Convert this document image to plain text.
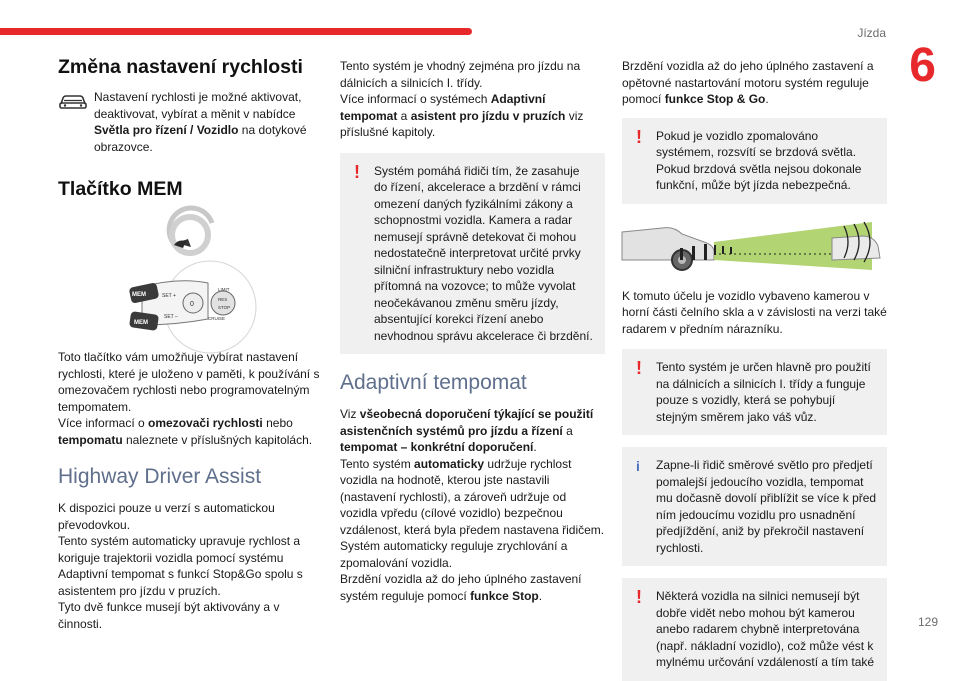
Jízda
6
129
Změna nastavení rychlosti

Nastavení rychlosti je možné aktivovat, deaktivovat, vybírat a měnit v nabídce Světla pro řízení / Vozidlo na dotykové obrazovce.

Tlačítko MEM
MEM
MEM
SET +
SET –
0
LIMIT
RES
STOP
CRUISE

Toto tlačítko vám umožňuje vybírat nastavení rychlosti, které je uloženo v paměti, k používání s omezovačem rychlosti nebo programovatelným tempomatem.

Více informací o omezovači rychlosti nebo tempomatu naleznete v příslušných kapitolách.

Highway Driver Assist

K dispozici pouze u verzí s automatickou převodovkou.

Tento systém automaticky upravuje rychlost a koriguje trajektorii vozidla pomocí systému Adaptivní tempomat s funkcí Stop&Go spolu s asistentem pro jízdu v pruzích.

Tyto dvě funkce musejí být aktivovány a v činnosti.

Tento systém je vhodný zejména pro jízdu na dálnicích a silnicích I. třídy.

Více informací o systémech Adaptivní tempomat a asistent pro jízdu v pruzích viz příslušné kapitoly.

!	Systém pomáhá řidiči tím, že zasahuje do řízení, akcelerace a brzdění v rámci omezení daných fyzikálními zákony a schopnostmi vozidla. Kamera a radar nemusejí správně detekovat či mohou nedostatečně interpretovat určité prvky silniční infrastruktury nebo vozidla přítomná na vozovce; to může vyvolat neočekávanou změnu směru jízdy, absentující korekci řízení anebo nevhodnou správu akcelerace či brzdění.

Adaptivní tempomat

Viz všeobecná doporučení týkající se použití asistenčních systémů pro jízdu a řízení a tempomat – konkrétní doporučení.

Tento systém automaticky udržuje rychlost vozidla na hodnotě, kterou jste nastavili (nastavení rychlosti), a zároveň udržuje od vozidla vpředu (cílové vozidlo) bezpečnou vzdálenost, která byla předem nastavena řidičem. Systém automaticky reguluje zrychlování a zpomalování vozidla.

Brzdění vozidla až do jeho úplného zastavení systém reguluje pomocí funkce Stop.

Brzdění vozidla až do jeho úplného zastavení a opětovné nastartování motoru systém reguluje pomocí funkce Stop & Go.

!	Pokud je vozidlo zpomalováno systémem, rozsvítí se brzdová světla. Pokud brzdová světla nejsou dokonale funkční, může být jízda nebezpečná.

K tomuto účelu je vozidlo vybaveno kamerou v horní části čelního skla a v závislosti na verzi také radarem v předním nárazníku.

!	Tento systém je určen hlavně pro použití na dálnicích a silnicích I. třídy a funguje pouze s vozidly, která se pohybují stejným směrem jako váš vůz.

i	Zapne-li řidič směrové světlo pro předjetí pomalejší jedoucího vozidla, tempomat mu dočasně dovolí přiblížit se více k před ním jedoucímu vozidlu pro usnadnění předjíždění, aniž by překročil nastavení rychlosti.

!	Některá vozidla na silnici nemusejí být dobře vidět nebo mohou být kamerou anebo radarem chybně interpretována (např. nákladní vozidlo), což může vést k mylnému určování vzdáleností a tím také
